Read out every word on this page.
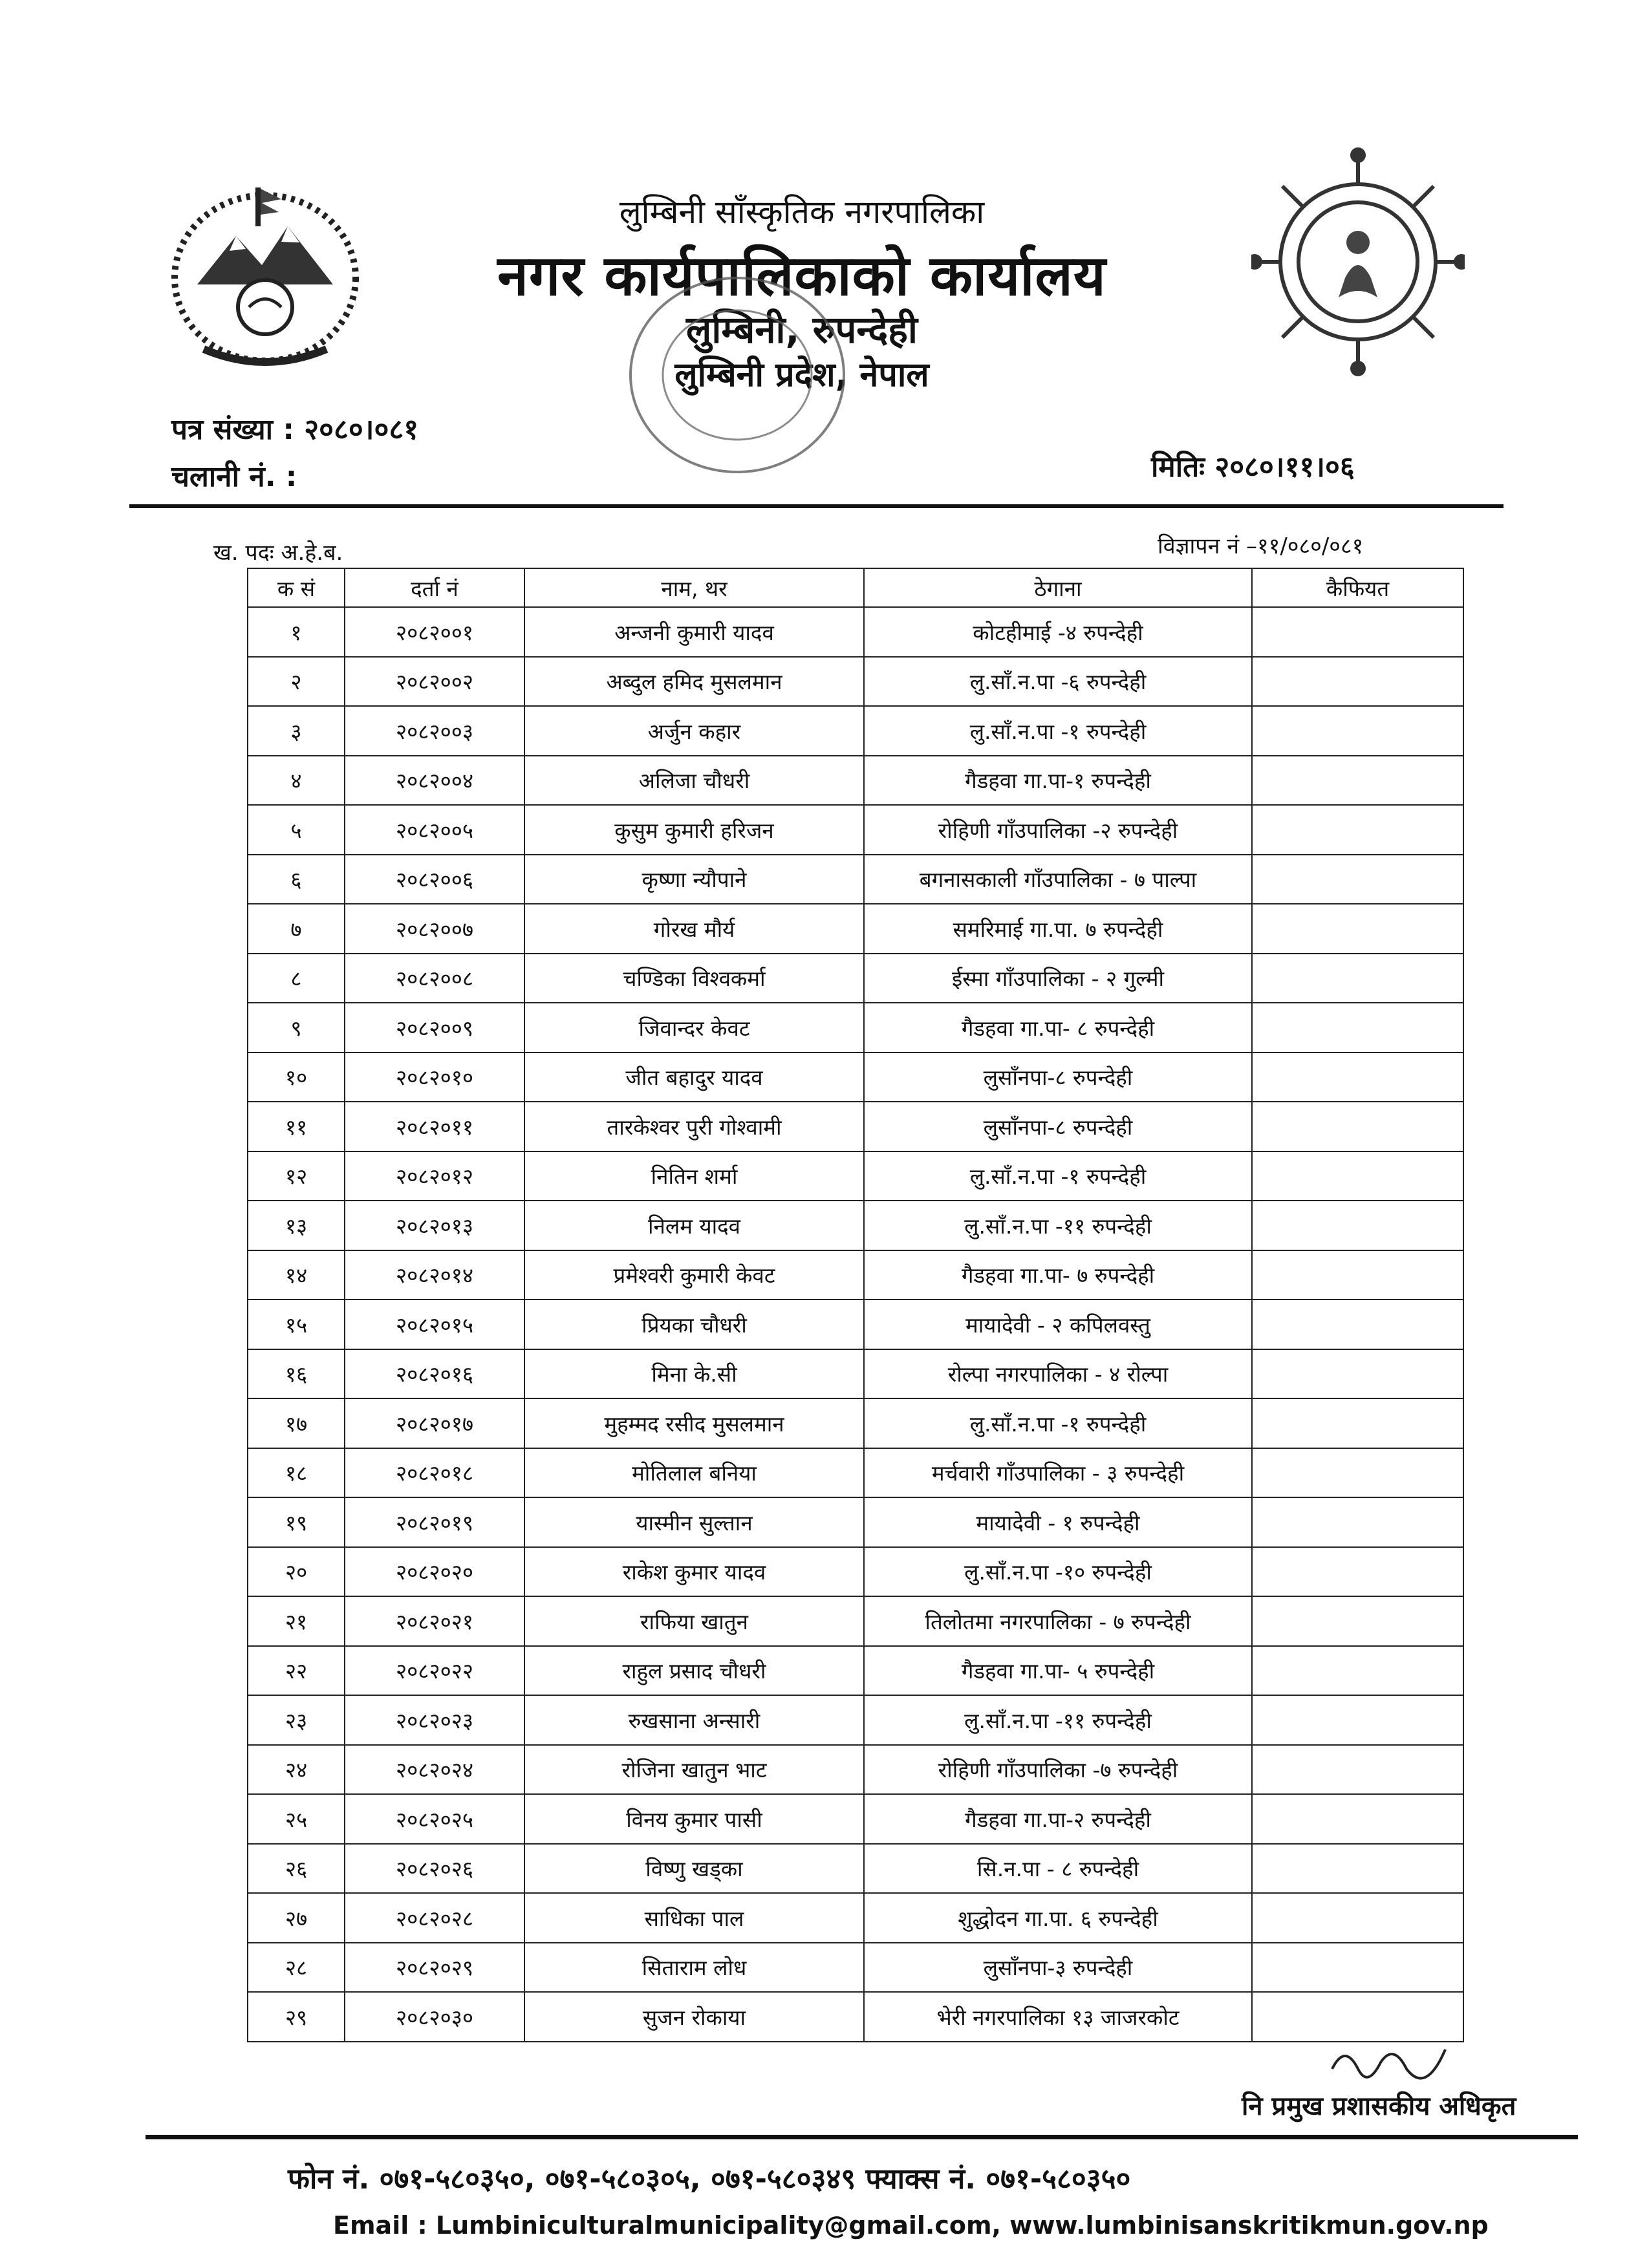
लुम्बिनी साँस्कृतिक नगरपालिका
नगर कार्यपालिकाको कार्यालय
लुम्बिनी, रुपन्देही
लुम्बिनी प्रदेश, नेपाल
पत्र संख्या : २०८०।०८१
चलानी नं. :	मितिः २०८०।११।०६
ख. पदः अ.हे.ब.	विज्ञापन नं –११/०८०/०८१
क सं	दर्ता नं	नाम, थर	ठेगाना	कैफियत
१	२०८२००१	अन्जनी कुमारी यादव	कोटहीमाई -४ रुपन्देही	
२	२०८२००२	अब्दुल हमिद मुसलमान	लु.साँ.न.पा -६ रुपन्देही	
३	२०८२००३	अर्जुन कहार	लु.साँ.न.पा -१ रुपन्देही	
४	२०८२००४	अलिजा चौधरी	गैडहवा गा.पा-१ रुपन्देही	
५	२०८२००५	कुसुम कुमारी हरिजन	रोहिणी गाँउपालिका -२ रुपन्देही	
६	२०८२००६	कृष्णा न्यौपाने	बगनासकाली गाँउपालिका - ७ पाल्पा	
७	२०८२००७	गोरख मौर्य	समरिमाई गा.पा. ७ रुपन्देही	
८	२०८२००८	चण्डिका विश्वकर्मा	ईस्मा गाँउपालिका - २ गुल्मी	
९	२०८२००९	जिवान्दर केवट	गैडहवा गा.पा- ८ रुपन्देही	
१०	२०८२०१०	जीत बहादुर यादव	लुसाँनपा-८ रुपन्देही	
११	२०८२०११	तारकेश्वर पुरी गोश्वामी	लुसाँनपा-८ रुपन्देही	
१२	२०८२०१२	नितिन शर्मा	लु.साँ.न.पा -१ रुपन्देही	
१३	२०८२०१३	निलम यादव	लु.साँ.न.पा -११ रुपन्देही	
१४	२०८२०१४	प्रमेश्वरी कुमारी केवट	गैडहवा गा.पा- ७ रुपन्देही	
१५	२०८२०१५	प्रियका चौधरी	मायादेवी - २ कपिलवस्तु	
१६	२०८२०१६	मिना के.सी	रोल्पा नगरपालिका - ४ रोल्पा	
१७	२०८२०१७	मुहम्मद रसीद मुसलमान	लु.साँ.न.पा -१ रुपन्देही	
१८	२०८२०१८	मोतिलाल बनिया	मर्चवारी गाँउपालिका - ३ रुपन्देही	
१९	२०८२०१९	यास्मीन सुल्तान	मायादेवी - १ रुपन्देही	
२०	२०८२०२०	राकेश कुमार यादव	लु.साँ.न.पा -१० रुपन्देही	
२१	२०८२०२१	राफिया खातुन	तिलोतमा नगरपालिका - ७ रुपन्देही	
२२	२०८२०२२	राहुल प्रसाद चौधरी	गैडहवा गा.पा- ५ रुपन्देही	
२३	२०८२०२३	रुखसाना अन्सारी	लु.साँ.न.पा -११ रुपन्देही	
२४	२०८२०२४	रोजिना खातुन भाट	रोहिणी गाँउपालिका -७ रुपन्देही	
२५	२०८२०२५	विनय कुमार पासी	गैडहवा गा.पा-२ रुपन्देही	
२६	२०८२०२६	विष्णु खड्का	सि.न.पा - ८ रुपन्देही	
२७	२०८२०२८	साधिका पाल	शुद्धोदन गा.पा. ६ रुपन्देही	
२८	२०८२०२९	सिताराम लोध	लुसाँनपा-३ रुपन्देही	
२९	२०८२०३०	सुजन रोकाया	भेरी नगरपालिका १३ जाजरकोट	
नि प्रमुख प्रशासकीय अधिकृत
फोन नं. ०७१-५८०३५०, ०७१-५८०३०५, ०७१-५८०३४९ फ्याक्स नं. ०७१-५८०३५०
Email : Lumbiniculturalmunicipality@gmail.com, www.lumbinisanskritikmun.gov.np
